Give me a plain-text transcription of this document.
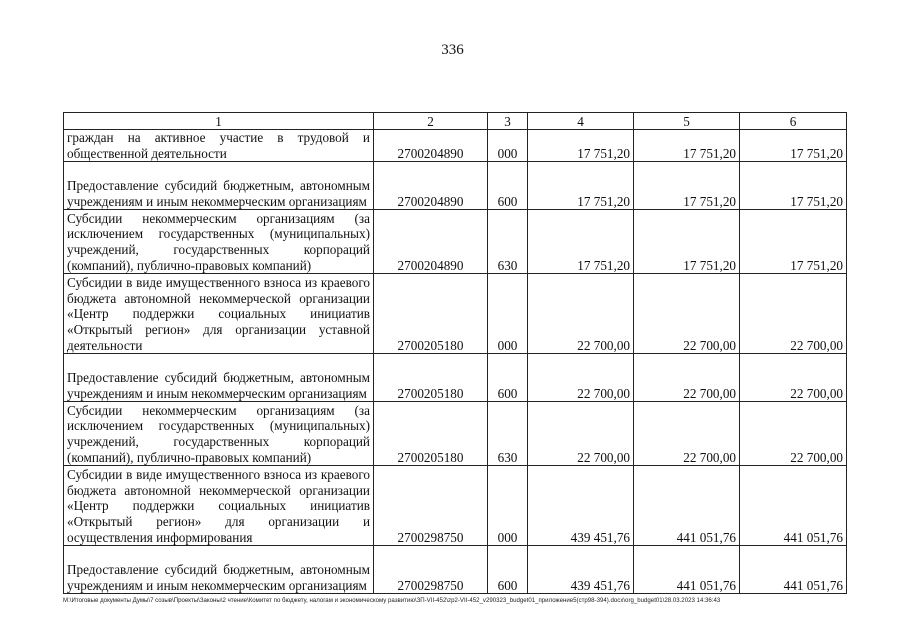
336
1	2	3	4	5	6
граждан на активное участие в трудовой и общественной деятельности	2700204890	000	17 751,20	17 751,20	17 751,20
Предоставление субсидий бюджетным, автономным учреждениям и иным некоммерческим организациям	2700204890	600	17 751,20	17 751,20	17 751,20
Субсидии некоммерческим организациям (за исключением государственных (муниципальных) учреждений, государственных корпораций (компаний), публично-правовых компаний)	2700204890	630	17 751,20	17 751,20	17 751,20
Субсидии в виде имущественного взноса из краевого бюджета автономной некоммерческой организации «Центр поддержки социальных инициатив «Открытый регион» для организации уставной деятельности	2700205180	000	22 700,00	22 700,00	22 700,00
Предоставление субсидий бюджетным, автономным учреждениям и иным некоммерческим организациям	2700205180	600	22 700,00	22 700,00	22 700,00
Субсидии некоммерческим организациям (за исключением государственных (муниципальных) учреждений, государственных корпораций (компаний), публично-правовых компаний)	2700205180	630	22 700,00	22 700,00	22 700,00
Субсидии в виде имущественного взноса из краевого бюджета автономной некоммерческой организации «Центр поддержки социальных инициатив «Открытый регион» для организации и осуществления информирования	2700298750	000	439 451,76	441 051,76	441 051,76
Предоставление субсидий бюджетным, автономным учреждениям и иным некоммерческим организациям	2700298750	600	439 451,76	441 051,76	441 051,76
M:\Итоговые документы Думы\7 созыв\Проекты\Законы\2 чтение\Комитет по бюджету, налогам и экономическому развитию\ЗП-VII-452\zp2-VII-452_v290323_budget01_приложение5(стр98-394).docx\org_budget01\28.03.2023 14:36:43
